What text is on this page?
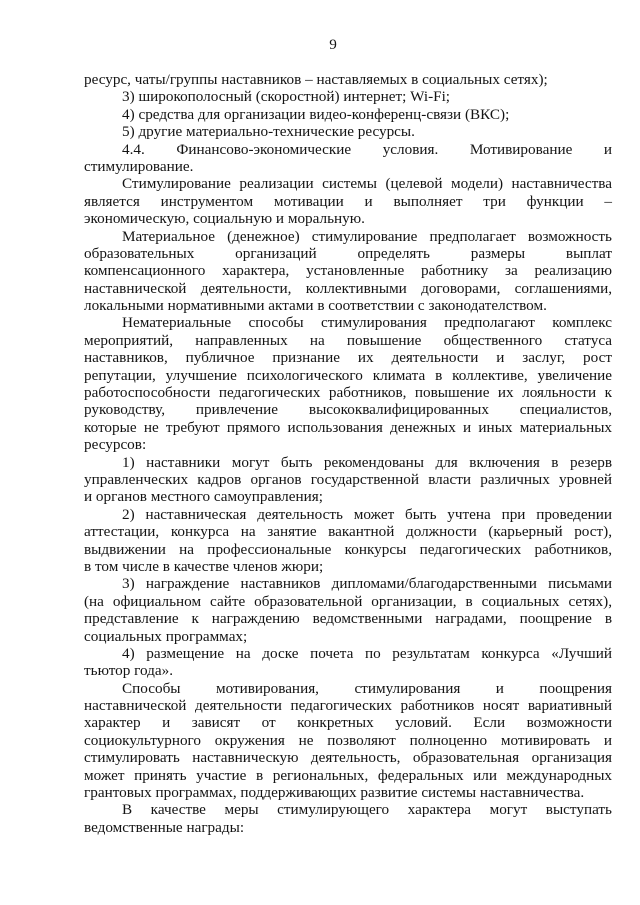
9
ресурс, чаты/группы наставников – наставляемых в социальных сетях);
3) широкополосный (скоростной) интернет; Wi-Fi;
4) средства для организации видео-конференц-связи (ВКС);
5) другие материально-технические ресурсы.
4.4. Финансово-экономические условия. Мотивирование и
стимулирование.
Стимулирование реализации системы (целевой модели) наставничества
является инструментом мотивации и выполняет три функции –
экономическую, социальную и моральную.
Материальное (денежное) стимулирование предполагает возможность
образовательных организаций определять размеры выплат
компенсационного характера, установленные работнику за реализацию
наставнической деятельности, коллективными договорами, соглашениями,
локальными нормативными актами в соответствии с законодателством.
Нематериальные способы стимулирования предполагают комплекс
мероприятий, направленных на повышение общественного статуса
наставников, публичное признание их деятельности и заслуг, рост
репутации, улучшение психологического климата в коллективе, увеличение
работоспособности педагогических работников, повышение их лояльности к
руководству, привлечение высококвалифицированных специалистов,
которые не требуют прямого использования денежных и иных материальных
ресурсов:
1) наставники могут быть рекомендованы для включения в резерв
управленческих кадров органов государственной власти различных уровней
и органов местного самоуправления;
2) наставническая деятельность может быть учтена при проведении
аттестации, конкурса на занятие вакантной должности (карьерный рост),
выдвижении на профессиональные конкурсы педагогических работников,
в том числе в качестве членов жюри;
3) награждение наставников дипломами/благодарственными письмами
(на официальном сайте образовательной организации, в социальных сетях),
представление к награждению ведомственными наградами, поощрение в
социальных программах;
4) размещение на доске почета по результатам конкурса «Лучший
тьютор года».
Способы мотивирования, стимулирования и поощрения
наставнической деятельности педагогических работников носят вариативный
характер и зависят от конкретных условий. Если возможности
социокультурного окружения не позволяют полноценно мотивировать и
стимулировать наставническую деятельность, образовательная организация
может принять участие в региональных, федеральных или международных
грантовых программах, поддерживающих развитие системы наставничества.
В качестве меры стимулирующего характера могут выступать
ведомственные награды:
